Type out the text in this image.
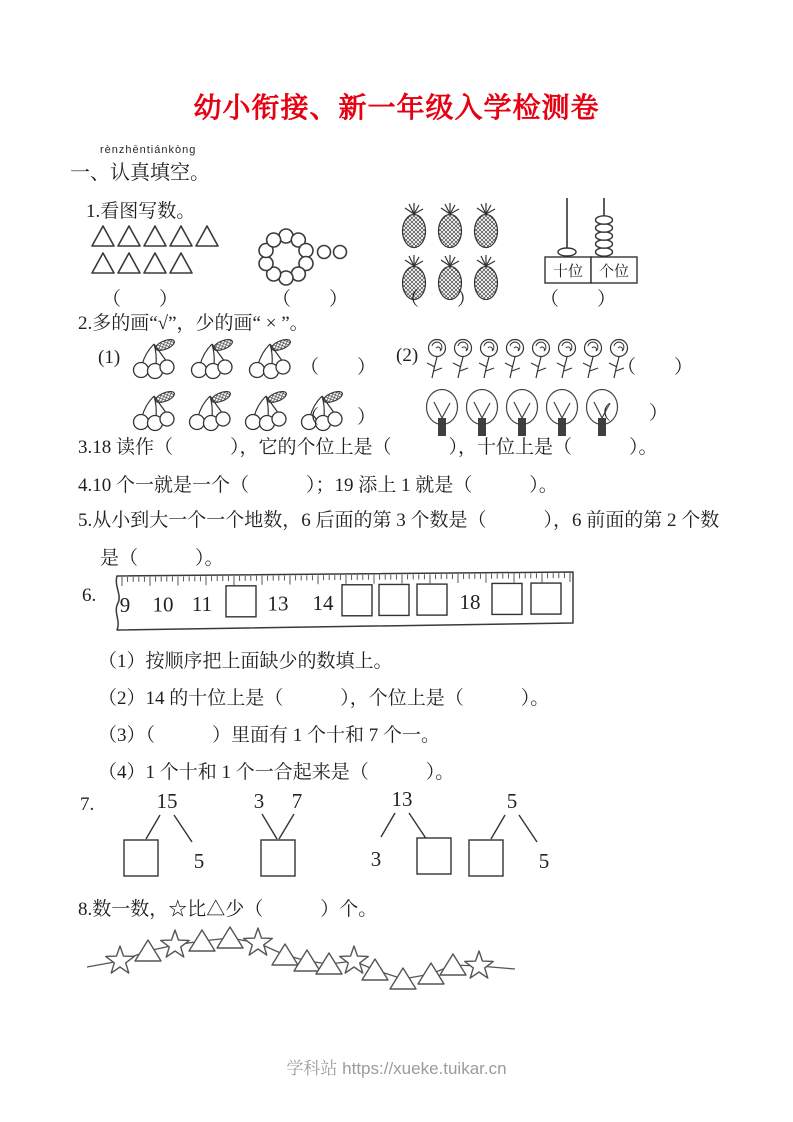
幼小衔接、新一年级入学检测卷
rènzhēntiánkòng
一、认真填空。
1.看图写数。
十位 个位
（　　）	（　　）	（　　）	（　　）
2.多的画“√”，少的画“ × ”。
(1)	（　　）
（　　）
(2)
（　　）
（　　）
3.18 读作（　　　），它的个位上是（　　　），十位上是（　　　）。
4.10 个一就是一个（　　　）；19 添上 1 就是（　　　）。
5.从小到大一个一个地数，6 后面的第 3 个数是（　　　），6 前面的第 2 个数
是（　　　）。
6. 9 10 11	13 14	18
（1）按顺序把上面缺少的数填上。
（2）14 的十位上是（　　　），个位上是（　　　）。
（3）（　　　）里面有 1 个十和 7 个一。
（4）1 个十和 1 个一合起来是（　　　）。
7.	15
5
3 7	13
3
5
5
8.数一数，☆比△少（　　　）个。
学科站 https://xueke.tuikar.cn
